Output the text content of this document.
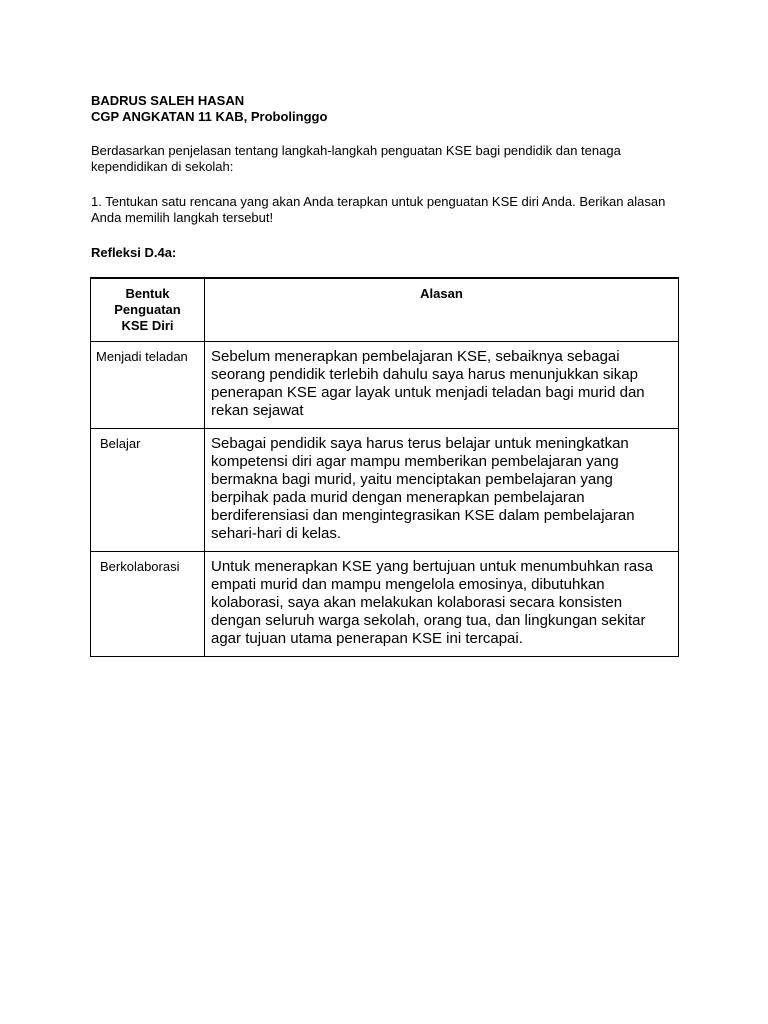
BADRUS SALEH HASAN
CGP ANGKATAN 11 KAB, Probolinggo
Berdasarkan penjelasan tentang langkah-langkah penguatan KSE bagi pendidik dan tenaga kependidikan di sekolah:
1. Tentukan satu rencana yang akan Anda terapkan untuk penguatan KSE diri Anda. Berikan alasan Anda memilih langkah tersebut!
Refleksi D.4a:
Bentuk Penguatan KSE Diri	Alasan
Menjadi teladan	Sebelum menerapkan pembelajaran KSE, sebaiknya sebagai seorang pendidik terlebih dahulu saya harus menunjukkan sikap penerapan KSE agar layak untuk menjadi teladan bagi murid dan rekan sejawat
Belajar	Sebagai pendidik saya harus terus belajar untuk meningkatkan kompetensi diri agar mampu memberikan pembelajaran yang bermakna bagi murid, yaitu menciptakan pembelajaran yang berpihak pada murid dengan menerapkan pembelajaran berdiferensiasi dan mengintegrasikan KSE dalam pembelajaran sehari-hari di kelas.
Berkolaborasi	Untuk menerapkan KSE yang bertujuan untuk menumbuhkan rasa empati murid dan mampu mengelola emosinya, dibutuhkan kolaborasi, saya akan melakukan kolaborasi secara konsisten dengan seluruh warga sekolah, orang tua, dan lingkungan sekitar agar tujuan utama penerapan KSE ini tercapai.
